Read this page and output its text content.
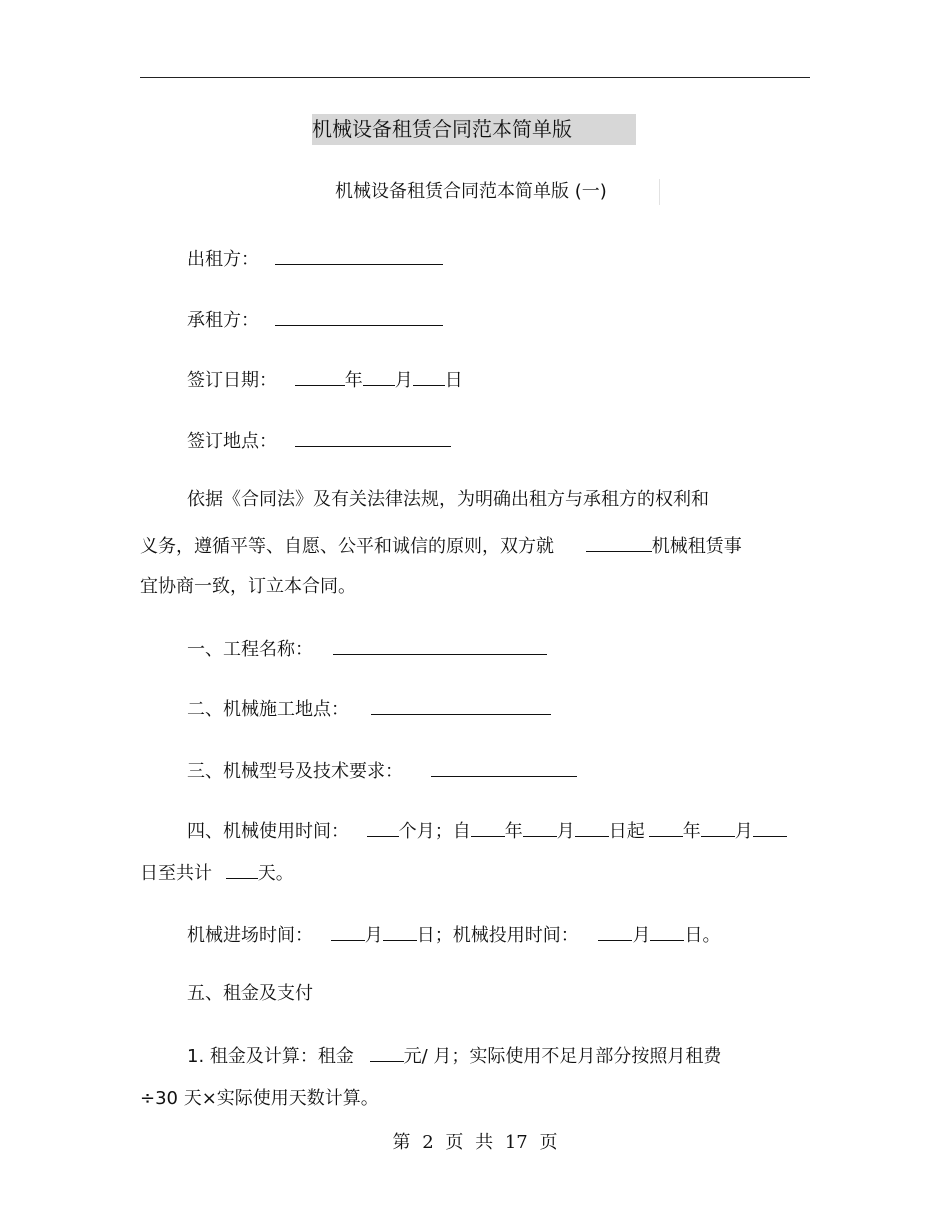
机械设备租赁合同范本简单版
机械设备租赁合同范本简单版 (一)
出租方：
承租方：
签订日期：	年 月 日
签订地点：
依据《合同法》及有关法律法规，为明确出租方与承租方的权利和
义务，遵循平等、自愿、公平和诚信的原则，双方就	机械租赁事
宜协商一致，订立本合同。
一、工程名称：
二、机械施工地点：
三、机械型号及技术要求：
四、机械使用时间：	个月；自 年 月 日起 年 月
日至共计	天。
机械进场时间：	月 日；机械投用时间：	月 日。
五、租金及支付
1. 租金及计算：租金	元/ 月；实际使用不足月部分按照月租费
÷30 天×实际使用天数计算。
第 2 页 共 17 页
